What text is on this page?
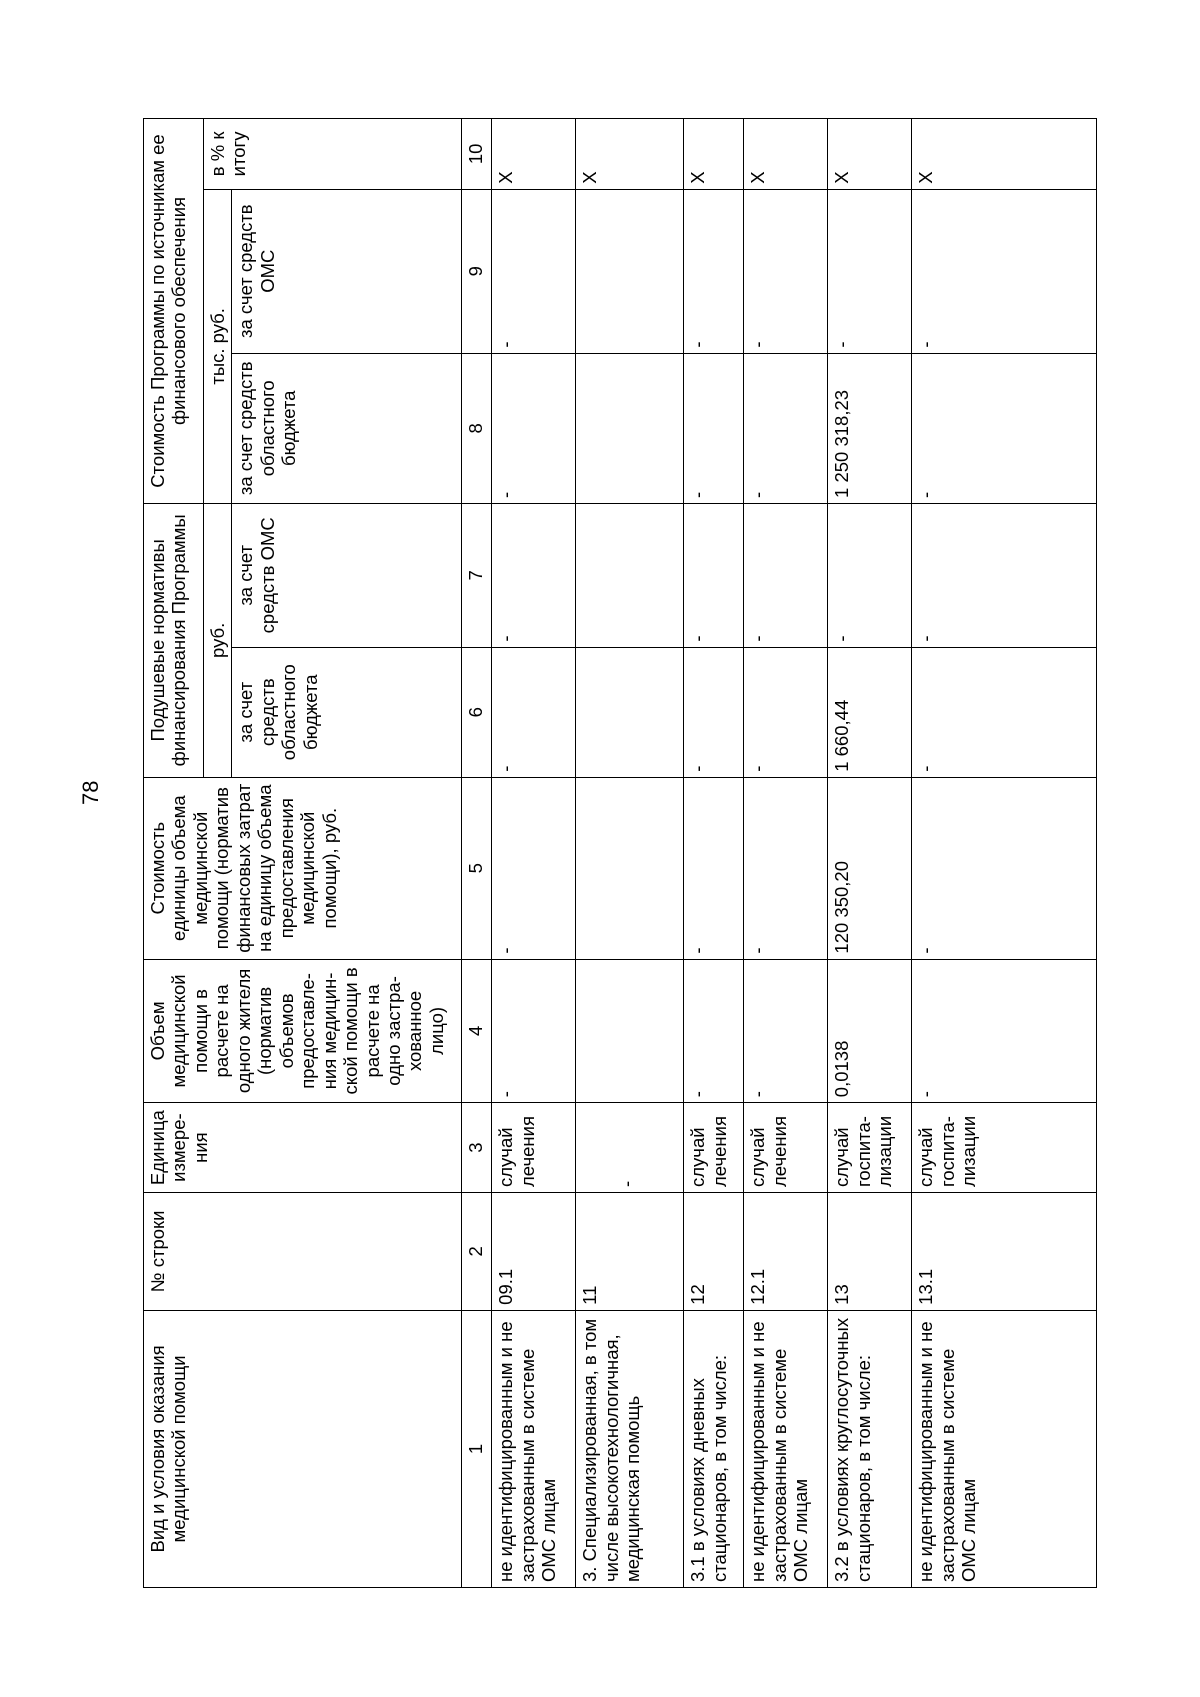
78
Вид и условия оказания медицинской помощи	№ строки	Единица измере-ния	Объем медицинской помощи в расчете на одного жителя (норматив объемов предоставле-ния медицин-ской помощи в расчете на одно застра-хованное лицо)	Стоимость единицы объема медицинской помощи (норматив финансовых затрат на единицу объема предоставления медицинской помощи), руб.	Подушевые нормативы финансирования Программы		Стоимость Программы по источникам ее финансового обеспечения		
					руб.		тыс. руб.		в % к итогу
					за счет средств областного бюджета	за счет средств ОМС	за счет средств областного бюджета	за счет средств ОМС	
1	2	3	4	5	6	7	8	9	10
не идентифицированным и не застрахованным в системе ОМС лицам	09.1	случай лечения	-	-	-	-	-	-	Х
3. Специализированная, в том числе высокотехнологичная, медицинская помощь	11	-							Х
3.1 в условиях дневных стационаров, в том числе:	12	случай лечения	-	-	-	-	-	-	Х
не идентифицированным и не застрахованным в системе ОМС лицам	12.1	случай лечения	-	-	-	-	-	-	Х
3.2 в условиях круглосуточных стационаров, в том числе:	13	случай госпита-лизации	0,0138	120 350,20	1 660,44	-	1 250 318,23	-	Х
не идентифицированным и не застрахованным в системе ОМС лицам	13.1	случай госпита-лизации	-	-	-	-	-	-	Х
